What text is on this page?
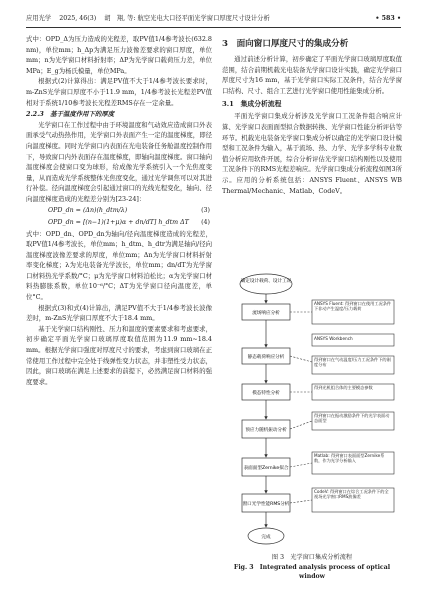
应用光学 2025, 46(3) 胡　翔, 等: 航空光电大口径平面光学窗口厚度尺寸设计分析	• 583 •

式中：OPD_Δ为压力造成的光程差，取PV值1/4参考波长(632.8 nm)，单位mm；h_Δp为满足压力波像差要求的窗口厚度，单位mm；n为光学窗口材料折射率；ΔP为光学窗口载荷压力差，单位MPa；E_g为杨氏模量，单位MPa。

根据式(2)计算得出：满足PV值不大于1/4参考波长要求时，m-ZnS光学窗口厚度不小于11.9 mm，1/4参考波长光程差PV值相对于系统1/10参考波长光程差RMS存在一定余量。

2.2.3　基于温度作用下的厚度

光学窗口在工作过程中由于环境温度和气动效应造成窗口外表面承受气动热热作用，光学窗口外表面产生一定的温度梯度，即径向温度梯度。同时光学窗口内表面在光电装备任务舱温度控制作用下，导致窗口内外表面存在温度梯度，即轴向温度梯度。窗口轴向温度梯度会使窗口变为球形，给成像光学系统引入一个光焦度变量，从而造成光学系统整体光焦度变化，通过光学调焦可以对其进行补偿。径向温度梯度会引起通过窗口的光线光程变化，轴向、径向温度梯度造成的光程差分别为[23-24]：

OPD_dn = (Δn)(h_dtm/λ)	(3)
OPD_dn = [(n−1)(1+μ)α + dn/dT] h_dtm ΔT (4)

式中：OPD_dn、OPD_dn为轴向/径向温度梯度造成的光程差，取PV值1/4参考波长，单位mm；h_dtm、h_dtr为满足轴向/径向温度梯度波像差要求的厚度，单位mm；Δn为光学窗口材料折射率变化梯度；λ为光电装备光学波长，单位mm；dn/dT为光学窗口材料热光学系数/°C；μ为光学窗口材料泊松比；α为光学窗口材料热膨胀系数，单位10⁻⁶/°C；ΔT为光学窗口径向温度差，单位°C。

根据式(3)和式(4)计算出，满足PV值不大于1/4参考波长波像差时，m-ZnS光学窗口厚度不大于18.4 mm。

基于光学窗口结构刚性、压力和温度的要素要求和考虑要求，初步确定平面光学窗口玻璃厚度取值范围为11.9 mm~18.4 mm。根据光学窗口强度对厚度尺寸的要求，考虑到窗口玻璃在正常使用工作过程中完全处于线弹性变力状态，并非塑性受力状态，因此，窗口玻璃在满足上述要求的前提下，必然满足窗口材料的强度要求。

3　面向窗口厚度尺寸的集成分析

通过前述分析计算，初步确定了平面光学窗口玻璃厚度取值范围，结合前期机载光电装备光学窗口设计实践，确定光学窗口厚度尺寸为16 mm，基于光学窗口实际工况条件，结合光学窗口结构、尺寸、组合工艺进行光学窗口使用性能集成分析。

3.1　集成分析流程

平面光学窗口集成分析涉及光学窗口工况条件组合响应计算、光学窗口表面面型拟合数据转换、光学窗口性能分析评估等环节。机载光电装备光学窗口集成分析以确定的光学窗口设计模型和工况条件为输入，基于流场、热、力学、光学多学科专业数值分析应用软件开展，综合分析评估光学窗口结构刚性以及使用工况条件下的RMS光程差响应。光学窗口集成分析流程如图3所示。应用的分析系统包括：ANSYS Fluent、ANSYS WB Thermal/Mechanic、Matlab、CodeV。

确定设计载荷、设计工况
流场响应分析
静态载荷响应分析
模态特性分析
预应力随机振动分析
表面面型Zernike拟合
窗口光学性能RMS分析
完成
ANSYS Fluent: 得到窗口在使用工况条件下非动产生温度/压力载荷
ANSYS Workbench
得到窗口在气动温度/压力工况条件下的刚度分布
得到光机组合体的主要模态参数
得到窗口在振动激励条件下的光学表面动态面型
Matlab: 得到窗口表面面型Zernike系数，作为光学分析输入
CodeV: 得到窗口在综合工况条件下的全视场光学窗口RMS波像差
图 3　光学窗口集成分析流程
Fig. 3　Integrated analysis process of optical window
